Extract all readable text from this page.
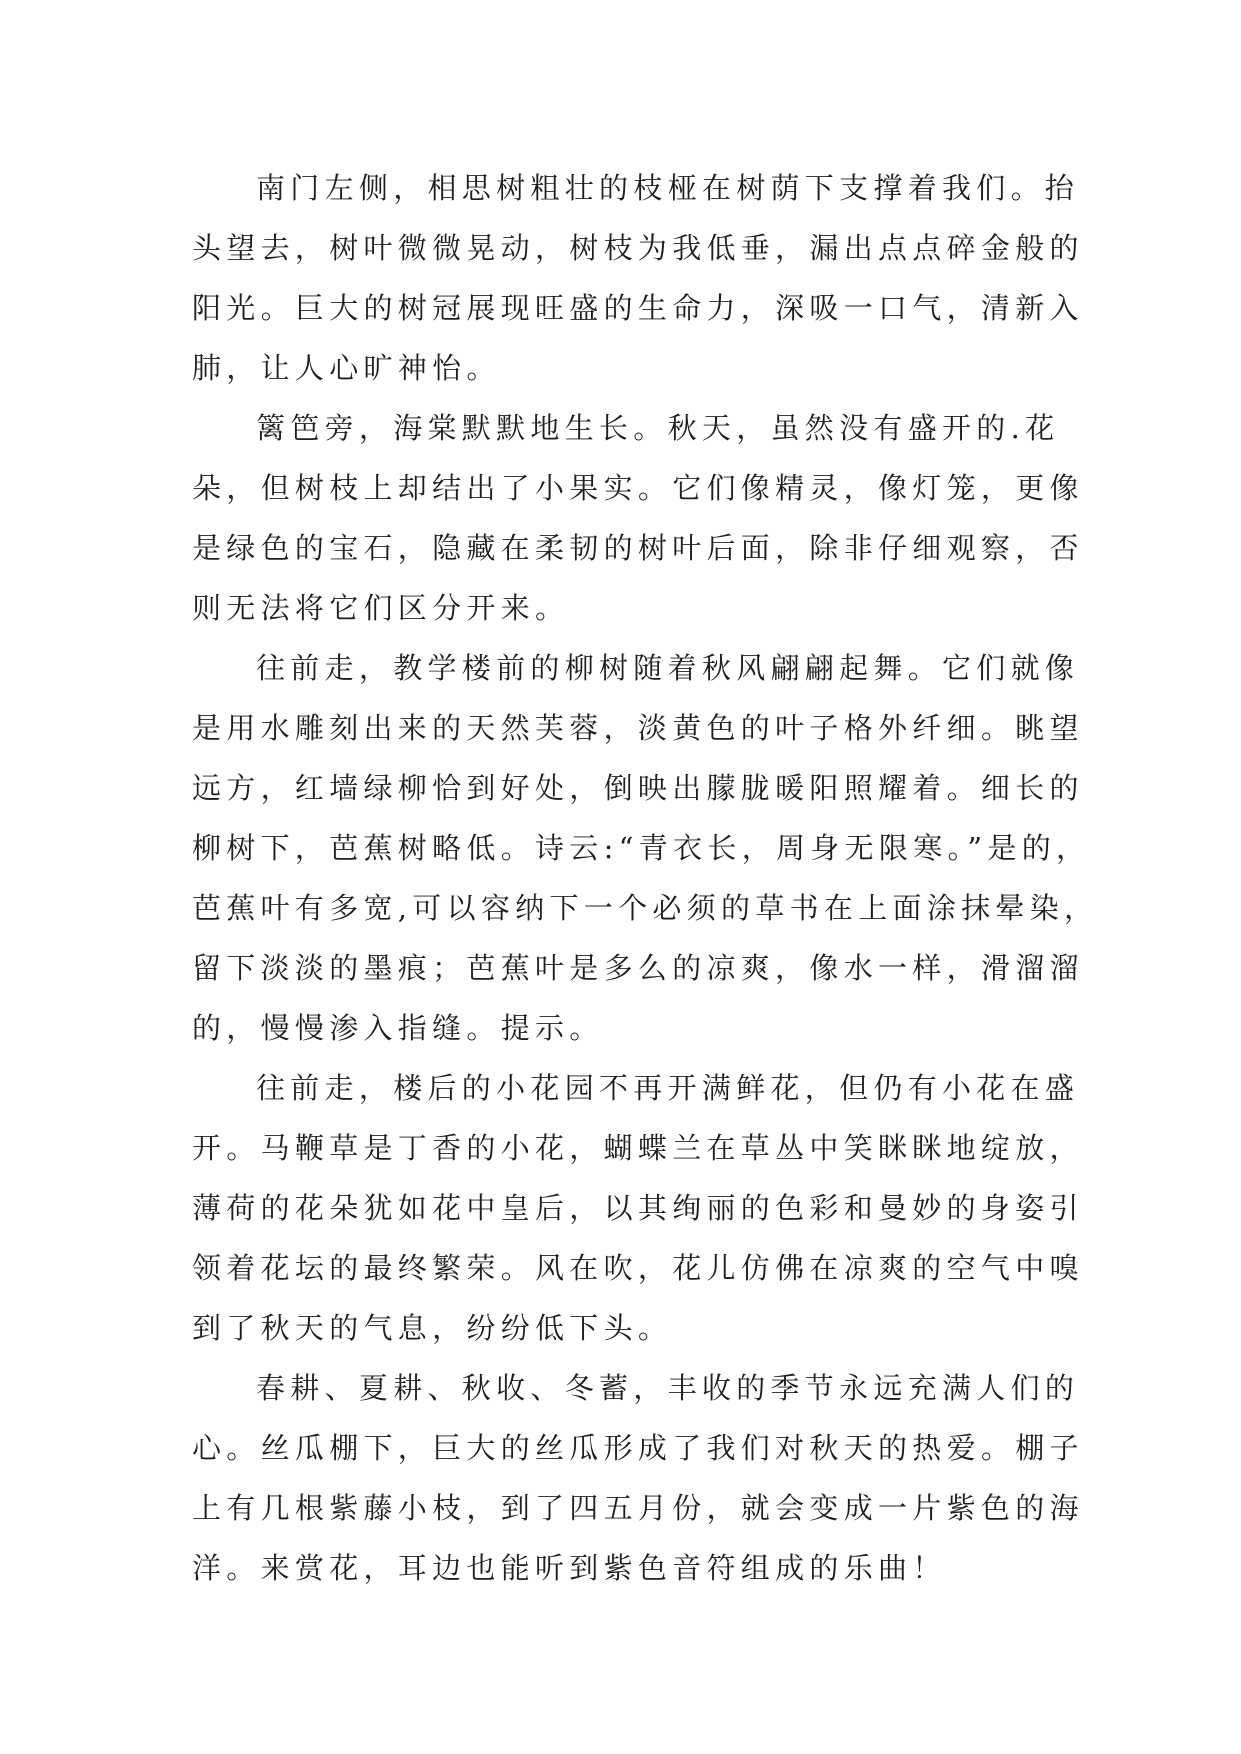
南门左侧，相思树粗壮的枝桠在树荫下支撑着我们。抬
头望去，树叶微微晃动，树枝为我低垂，漏出点点碎金般的
阳光。巨大的树冠展现旺盛的生命力，深吸一口气，清新入
肺，让人心旷神怡。
篱笆旁，海棠默默地生长。秋天，虽然没有盛开的.花
朵，但树枝上却结出了小果实。它们像精灵，像灯笼，更像
是绿色的宝石，隐藏在柔韧的树叶后面，除非仔细观察，否
则无法将它们区分开来。
往前走，教学楼前的柳树随着秋风翩翩起舞。它们就像
是用水雕刻出来的天然芙蓉，淡黄色的叶子格外纤细。眺望
远方，红墙绿柳恰到好处，倒映出朦胧暖阳照耀着。细长的
柳树下，芭蕉树略低。诗云:“青衣长，周身无限寒。”是的，
芭蕉叶有多宽,可以容纳下一个必须的草书在上面涂抹晕染，
留下淡淡的墨痕；芭蕉叶是多么的凉爽，像水一样，滑溜溜
的，慢慢渗入指缝。提示。
往前走，楼后的小花园不再开满鲜花，但仍有小花在盛
开。马鞭草是丁香的小花，蝴蝶兰在草丛中笑眯眯地绽放，
薄荷的花朵犹如花中皇后，以其绚丽的色彩和曼妙的身姿引
领着花坛的最终繁荣。风在吹，花儿仿佛在凉爽的空气中嗅
到了秋天的气息，纷纷低下头。
春耕、夏耕、秋收、冬蓄，丰收的季节永远充满人们的
心。丝瓜棚下，巨大的丝瓜形成了我们对秋天的热爱。棚子
上有几根紫藤小枝，到了四五月份，就会变成一片紫色的海
洋。来赏花，耳边也能听到紫色音符组成的乐曲！
